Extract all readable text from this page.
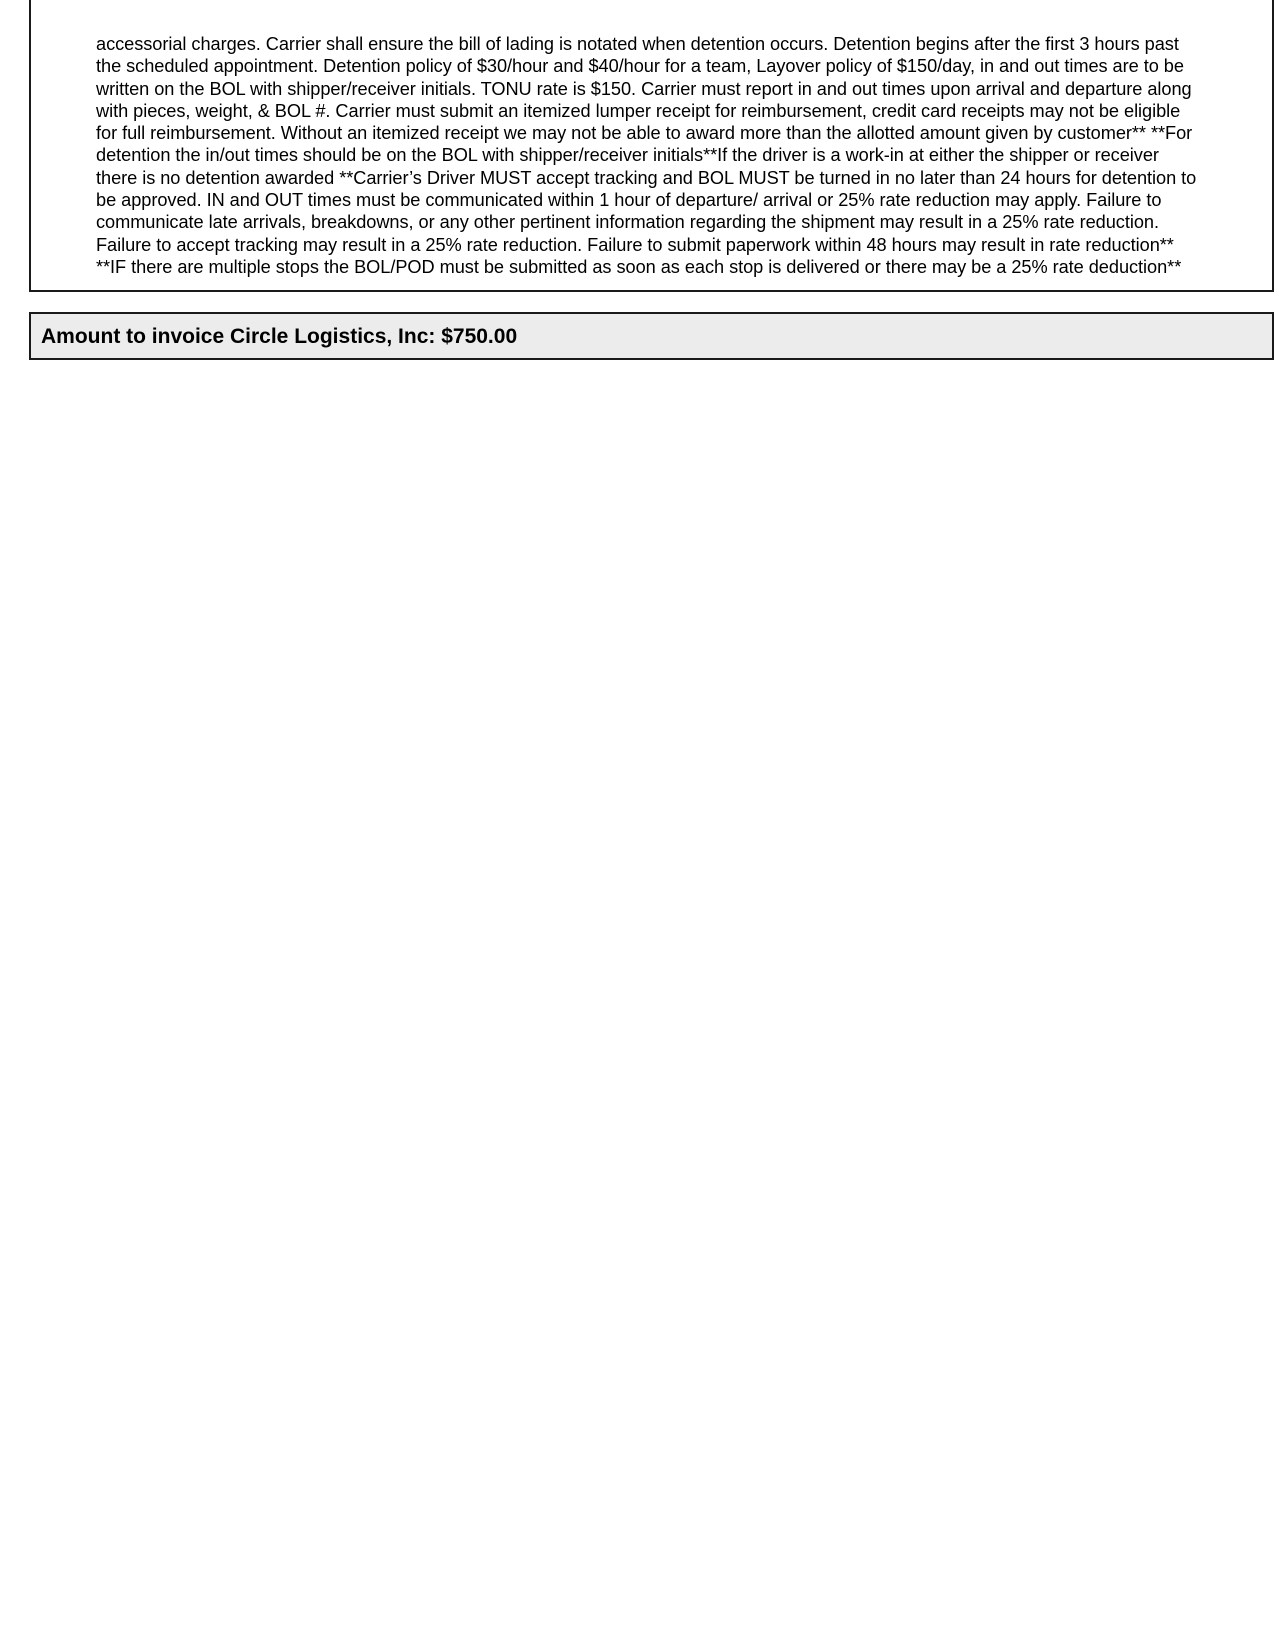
accessorial charges. Carrier shall ensure the bill of lading is notated when detention occurs. Detention begins after the first 3 hours past
the scheduled appointment. Detention policy of $30/hour and $40/hour for a team, Layover policy of $150/day, in and out times are to be
written on the BOL with shipper/receiver initials. TONU rate is $150. Carrier must report in and out times upon arrival and departure along
with pieces, weight, & BOL #. Carrier must submit an itemized lumper receipt for reimbursement, credit card receipts may not be eligible
for full reimbursement. Without an itemized receipt we may not be able to award more than the allotted amount given by customer** **For
detention the in/out times should be on the BOL with shipper/receiver initials**If the driver is a work-in at either the shipper or receiver
there is no detention awarded **Carrier’s Driver MUST accept tracking and BOL MUST be turned in no later than 24 hours for detention to
be approved. IN and OUT times must be communicated within 1 hour of departure/ arrival or 25% rate reduction may apply. Failure to
communicate late arrivals, breakdowns, or any other pertinent information regarding the shipment may result in a 25% rate reduction.
Failure to accept tracking may result in a 25% rate reduction. Failure to submit paperwork within 48 hours may result in rate reduction**
**IF there are multiple stops the BOL/POD must be submitted as soon as each stop is delivered or there may be a 25% rate deduction**

Amount to invoice Circle Logistics, Inc: $750.00
